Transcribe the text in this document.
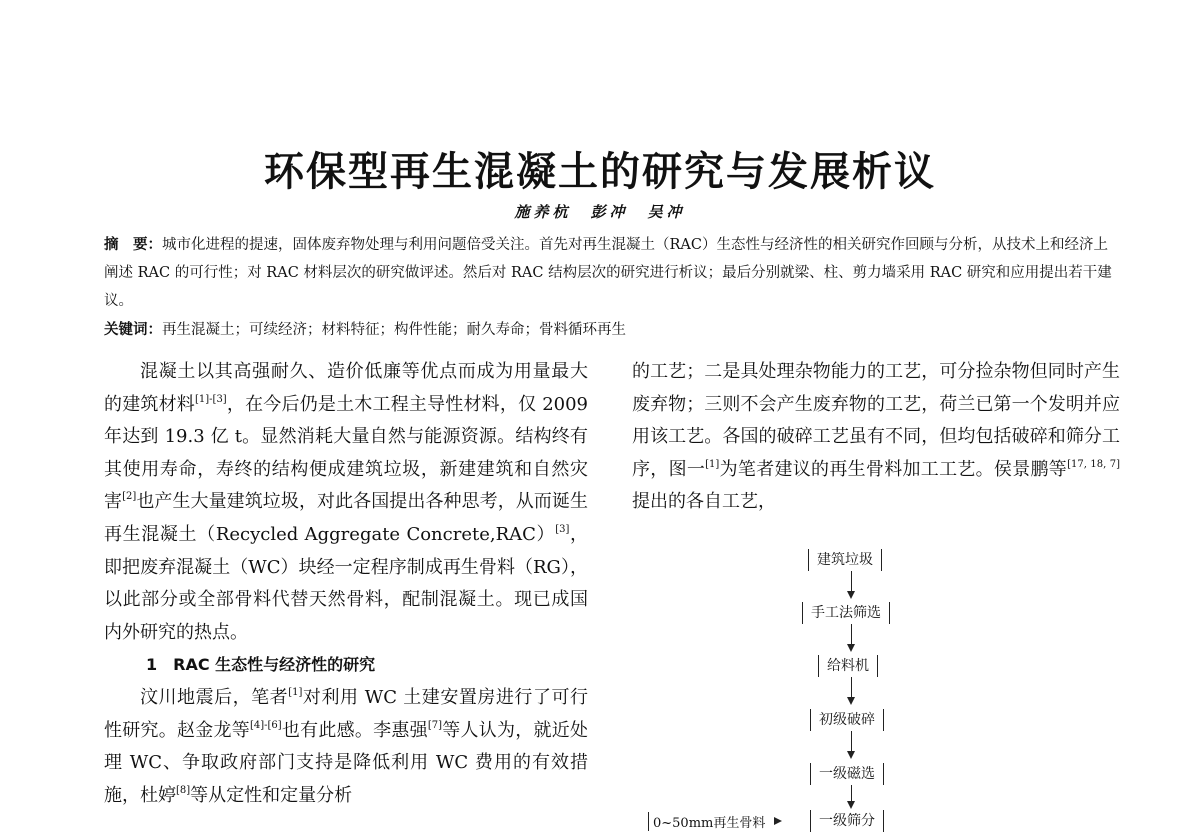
环保型再生混凝土的研究与发展析议
施养杭　彭冲　吴冲
摘　要：城市化进程的提速，固体废弃物处理与利用问题倍受关注。首先对再生混凝土（RAC）生态性与经济性的相关研究作回顾与分析，从技术上和经济上阐述 RAC 的可行性；对 RAC 材料层次的研究做评述。然后对 RAC 结构层次的研究进行析议；最后分别就梁、柱、剪力墙采用 RAC 研究和应用提出若干建议。
关键词：再生混凝土；可续经济；材料特征；构件性能；耐久寿命；骨料循环再生

混凝土以其高强耐久、造价低廉等优点而成为用量最大的建筑材料[1]-[3]，在今后仍是土木工程主导性材料，仅 2009 年达到 19.3 亿 t。显然消耗大量自然与能源资源。结构终有其使用寿命，寿终的结构便成建筑垃圾，新建建筑和自然灾害[2]也产生大量建筑垃圾，对此各国提出各种思考，从而诞生再生混凝土（Recycled Aggregate Concrete,RAC）[3]，即把废弃混凝土（WC）块经一定程序制成再生骨料（RG），以此部分或全部骨料代替天然骨料，配制混凝土。现已成国内外研究的热点。

1　RAC 生态性与经济性的研究

汶川地震后，笔者[1]对利用 WC 土建安置房进行了可行性研究。赵金龙等[4]-[6]也有此感。李惠强[7]等人认为，就近处理 WC、争取政府部门支持是降低利用 WC 费用的有效措施，杜婷[8]等从定性和定量分析

的工艺；二是具处理杂物能力的工艺，可分捡杂物但同时产生废弃物；三则不会产生废弃物的工艺，荷兰已第一个发明并应用该工艺。各国的破碎工艺虽有不同，但均包括破碎和筛分工序，图一[1]为笔者建议的再生骨料加工工艺。侯景鹏等[17, 18, 7]提出的各自工艺，

建筑垃圾
手工法筛选
给料机
初级破碎
一级磁选
一级筛分
0~50mm再生骨料
